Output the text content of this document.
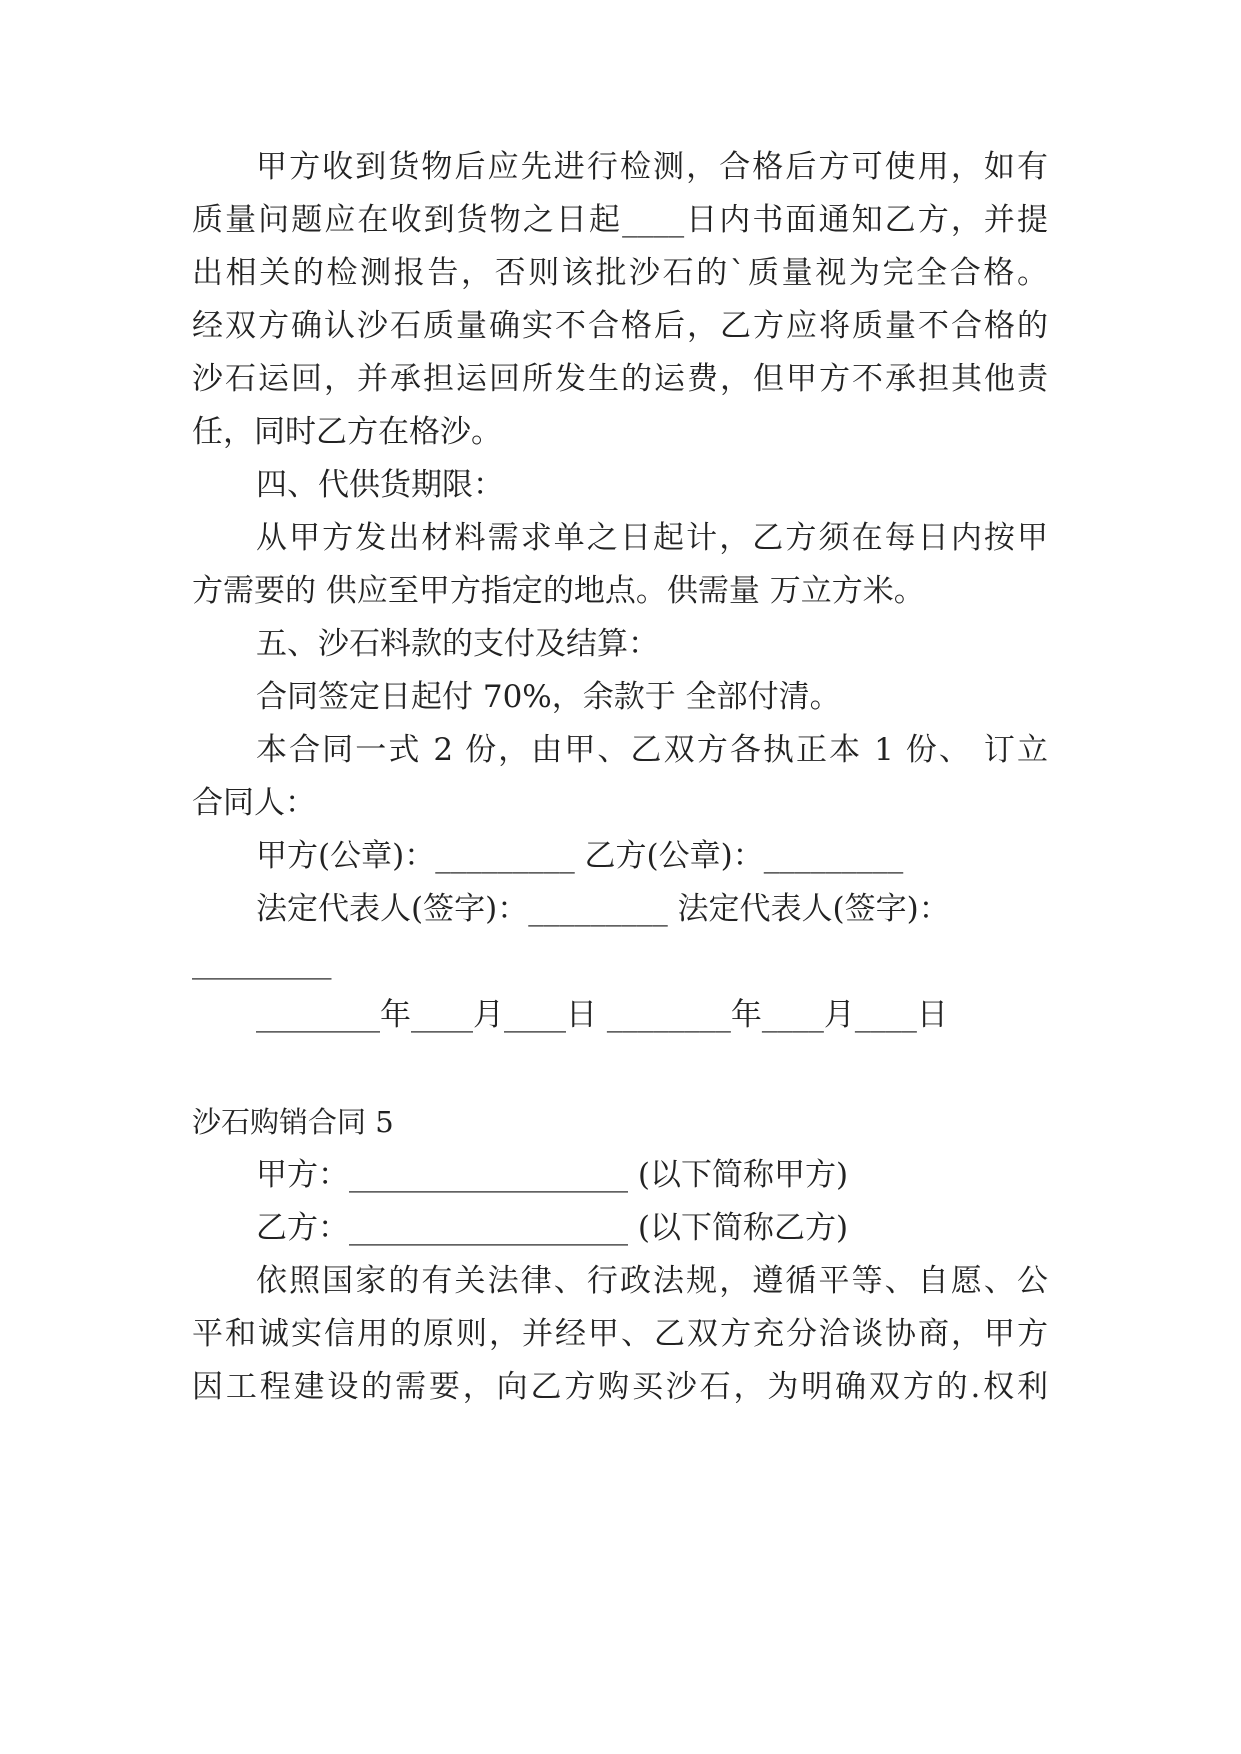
甲方收到货物后应先进行检测，合格后方可使用，如有
质量问题应在收到货物之日起____日内书面通知乙方，并提
出相关的检测报告，否则该批沙石的`质量视为完全合格。
经双方确认沙石质量确实不合格后，乙方应将质量不合格的
沙石运回，并承担运回所发生的运费，但甲方不承担其他责
任，同时乙方在格沙。
四、代供货期限：
从甲方发出材料需求单之日起计，乙方须在每日内按甲
方需要的 供应至甲方指定的地点。供需量 万立方米。
五、沙石料款的支付及结算：
合同签定日起付 70%，余款于 全部付清。
本合同一式 2 份，由甲、乙双方各执正本 1 份、 订立
合同人：
甲方(公章)：_________ 乙方(公章)：_________
法定代表人(签字)：_________ 法定代表人(签字)：
_________
________年____月____日 ________年____月____日
沙石购销合同 5
甲方：__________________ (以下简称甲方)
乙方：__________________ (以下简称乙方)
依照国家的有关法律、行政法规，遵循平等、自愿、公
平和诚实信用的原则，并经甲、乙双方充分洽谈协商，甲方
因工程建设的需要，向乙方购买沙石，为明确双方的.权利
